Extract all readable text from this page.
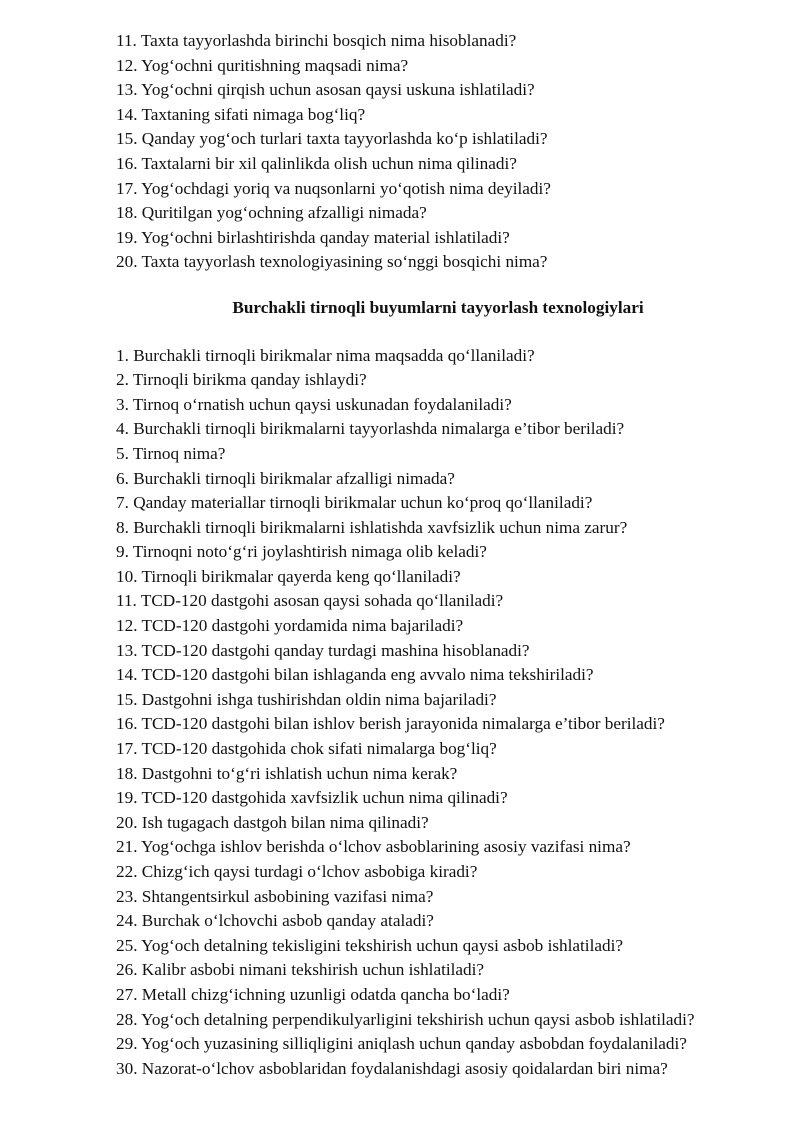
11. Taxta tayyorlashda birinchi bosqich nima hisoblanadi?
12. Yog‘ochni quritishning maqsadi nima?
13. Yog‘ochni qirqish uchun asosan qaysi uskuna ishlatiladi?
14. Taxtaning sifati nimaga bog‘liq?
15. Qanday yog‘och turlari taxta tayyorlashda ko‘p ishlatiladi?
16. Taxtalarni bir xil qalinlikda olish uchun nima qilinadi?
17. Yog‘ochdagi yoriq va nuqsonlarni yo‘qotish nima deyiladi?
18. Quritilgan yog‘ochning afzalligi nimada?
19. Yog‘ochni birlashtirishda qanday material ishlatiladi?
20. Taxta tayyorlash texnologiyasining so‘nggi bosqichi nima?
Burchakli tirnoqli buyumlarni tayyorlash texnologiylari
1. Burchakli tirnoqli birikmalar nima maqsadda qo‘llaniladi?
2. Tirnoqli birikma qanday ishlaydi?
3. Tirnoq o‘rnatish uchun qaysi uskunadan foydalaniladi?
4. Burchakli tirnoqli birikmalarni tayyorlashda nimalarga e’tibor beriladi?
5. Tirnoq nima?
6. Burchakli tirnoqli birikmalar afzalligi nimada?
7. Qanday materiallar tirnoqli birikmalar uchun ko‘proq qo‘llaniladi?
8. Burchakli tirnoqli birikmalarni ishlatishda xavfsizlik uchun nima zarur?
9. Tirnoqni noto‘g‘ri joylashtirish nimaga olib keladi?
10. Tirnoqli birikmalar qayerda keng qo‘llaniladi?
11. TCD-120 dastgohi asosan qaysi sohada qo‘llaniladi?
12. TCD-120 dastgohi yordamida nima bajariladi?
13. TCD-120 dastgohi qanday turdagi mashina hisoblanadi?
14. TCD-120 dastgohi bilan ishlaganda eng avvalo nima tekshiriladi?
15. Dastgohni ishga tushirishdan oldin nima bajariladi?
16. TCD-120 dastgohi bilan ishlov berish jarayonida nimalarga e’tibor beriladi?
17. TCD-120 dastgohida chok sifati nimalarga bog‘liq?
18. Dastgohni to‘g‘ri ishlatish uchun nima kerak?
19. TCD-120 dastgohida xavfsizlik uchun nima qilinadi?
20. Ish tugagach dastgoh bilan nima qilinadi?
21. Yog‘ochga ishlov berishda o‘lchov asboblarining asosiy vazifasi nima?
22. Chizg‘ich qaysi turdagi o‘lchov asbobiga kiradi?
23. Shtangentsirkul asbobining vazifasi nima?
24. Burchak o‘lchovchi asbob qanday ataladi?
25. Yog‘och detalning tekisligini tekshirish uchun qaysi asbob ishlatiladi?
26. Kalibr asbobi nimani tekshirish uchun ishlatiladi?
27. Metall chizg‘ichning uzunligi odatda qancha bo‘ladi?
28. Yog‘och detalning perpendikulyarligini tekshirish uchun qaysi asbob ishlatiladi?
29. Yog‘och yuzasining silliqligini aniqlash uchun qanday asbobdan foydalaniladi?
30. Nazorat-o‘lchov asboblaridan foydalanishdagi asosiy qoidalardan biri nima?
